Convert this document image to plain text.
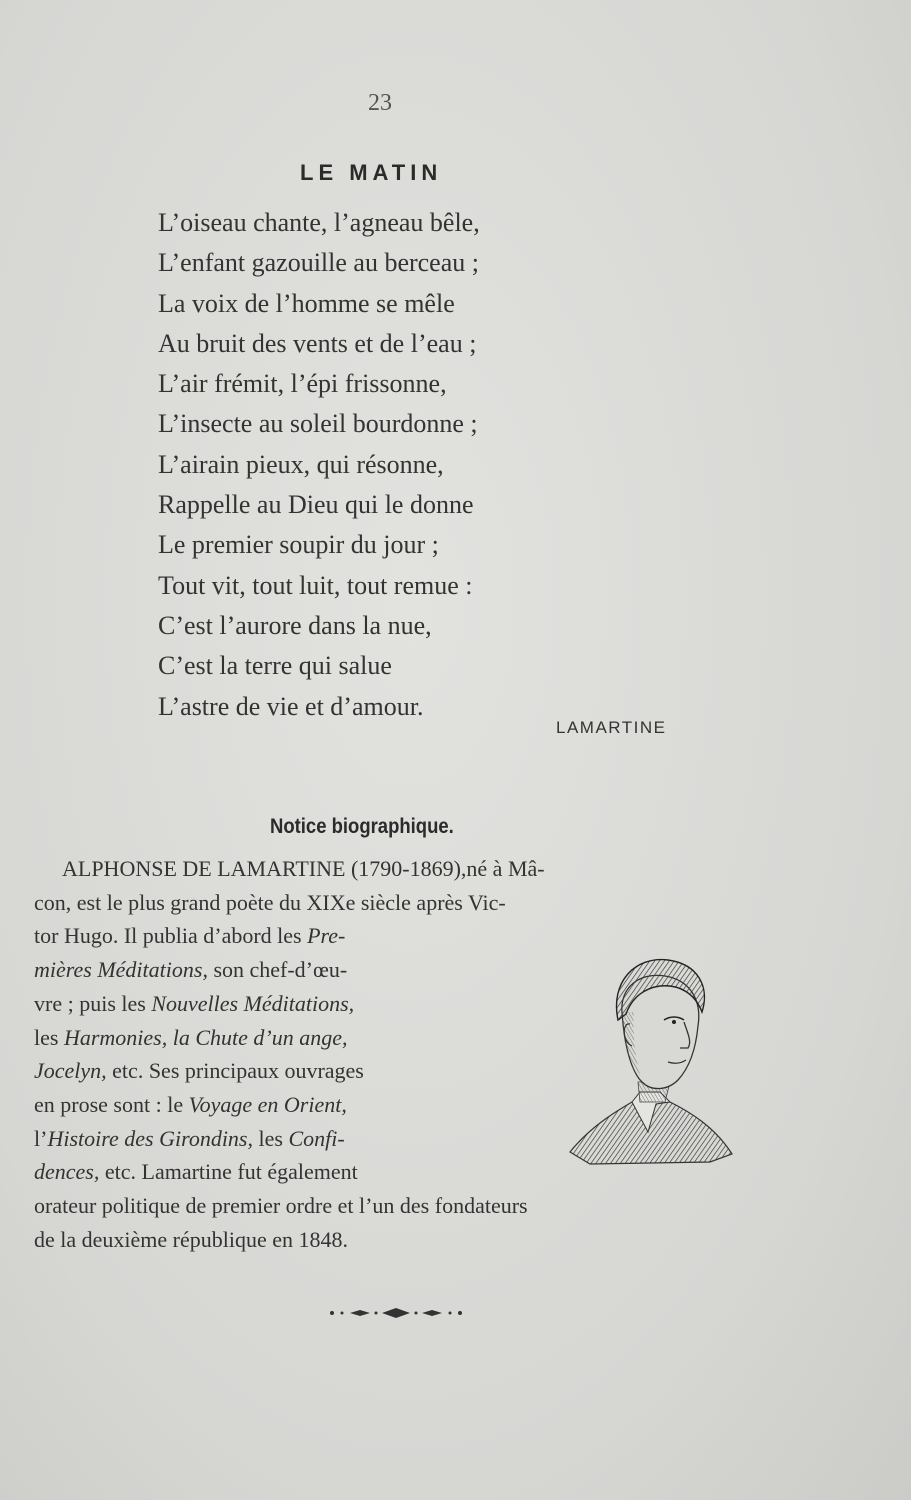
23
LE MATIN
L’oiseau chante, l’agneau bêle,
L’enfant gazouille au berceau ;
La voix de l’homme se mêle
Au bruit des vents et de l’eau ;
L’air frémit, l’épi frissonne,
L’insecte au soleil bourdonne ;
L’airain pieux, qui résonne,
Rappelle au Dieu qui le donne
Le premier soupir du jour ;
Tout vit, tout luit, tout remue :
C’est l’aurore dans la nue,
C’est la terre qui salue
L’astre de vie et d’amour.
LAMARTINE
Notice biographique.
ALPHONSE DE LAMARTINE (1790-1869),né à Mâ-
con, est le plus grand poète du XIXe siècle après Vic-
tor Hugo. Il publia d’abord les Pre-
mières Méditations, son chef-d’œu-
vre ; puis les Nouvelles Méditations,
les Harmonies, la Chute d’un ange,
Jocelyn, etc. Ses principaux ouvrages
en prose sont : le Voyage en Orient,
l’Histoire des Girondins, les Confi-
dences, etc. Lamartine fut également
orateur politique de premier ordre et l’un des fondateurs
de la deuxième république en 1848.
